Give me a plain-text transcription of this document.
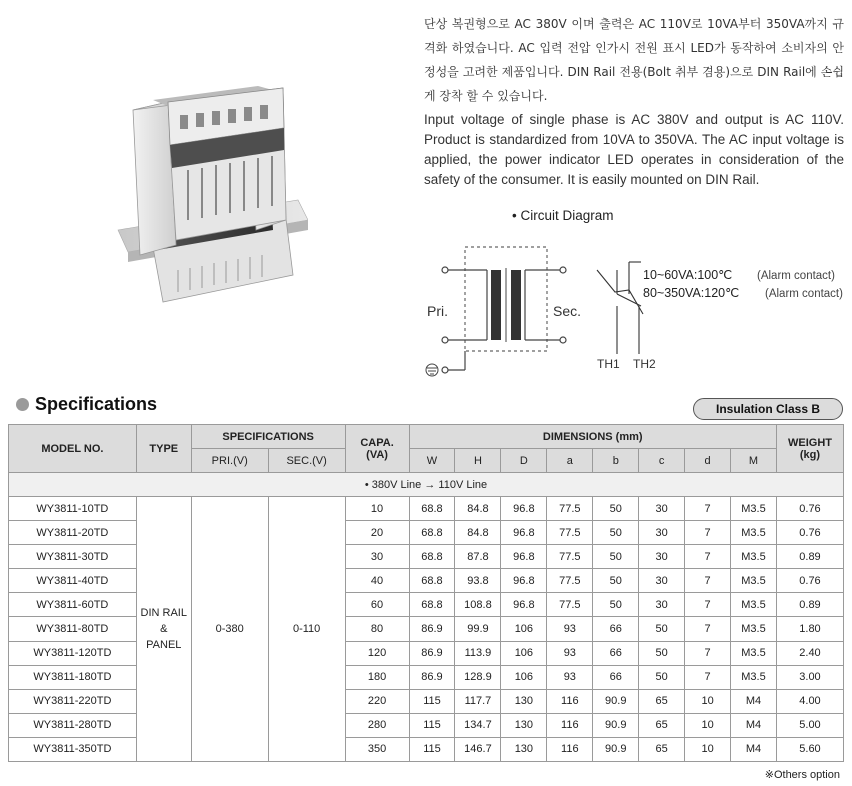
단상 복권형으로 AC 380V 이며 출력은 AC 110V로 10VA부터 350VA까지 규격화 하였습니다. AC 입력 전압 인가시 전원 표시 LED가 동작하여 소비자의 안정성을 고려한 제품입니다. DIN Rail 전용(Bolt 취부 겸용)으로 DIN Rail에 손쉽게 장착 할 수 있습니다.

Input voltage of single phase is AC 380V and output is AC 110V. Product is standardized from 10VA to 350VA. The AC input voltage is applied, the power indicator LED operates in consideration of the safety of the consumer. It is easily mounted on DIN Rail.

• Circuit Diagram
Pri.	Sec.
TH1 TH2
10~60VA:100℃ (Alarm contact)
80~350VA:120℃ (Alarm contact)
Specifications	Insulation Class B
MODEL NO.	TYPE	SPECIFICATIONS		CAPA.
(VA)	DIMENSIONS (mm)								WEIGHT
(kg)
		PRI.(V)	SEC.(V)		W	H	D	a	b	c	d	M	
• 380V Line → 110V Line													
WY3811-10TD	DIN RAIL
&
PANEL	0-380	0-110	10	68.8	84.8	96.8	77.5	50	30	7	M3.5	0.76
WY3811-20TD				20	68.8	84.8	96.8	77.5	50	30	7	M3.5	0.76
WY3811-30TD				30	68.8	87.8	96.8	77.5	50	30	7	M3.5	0.89
WY3811-40TD				40	68.8	93.8	96.8	77.5	50	30	7	M3.5	0.76
WY3811-60TD				60	68.8	108.8	96.8	77.5	50	30	7	M3.5	0.89
WY3811-80TD				80	86.9	99.9	106	93	66	50	7	M3.5	1.80
WY3811-120TD				120	86.9	113.9	106	93	66	50	7	M3.5	2.40
WY3811-180TD				180	86.9	128.9	106	93	66	50	7	M3.5	3.00
WY3811-220TD				220	115	117.7	130	116	90.9	65	10	M4	4.00
WY3811-280TD				280	115	134.7	130	116	90.9	65	10	M4	5.00
WY3811-350TD				350	115	146.7	130	116	90.9	65	10	M4	5.60
※Others option
